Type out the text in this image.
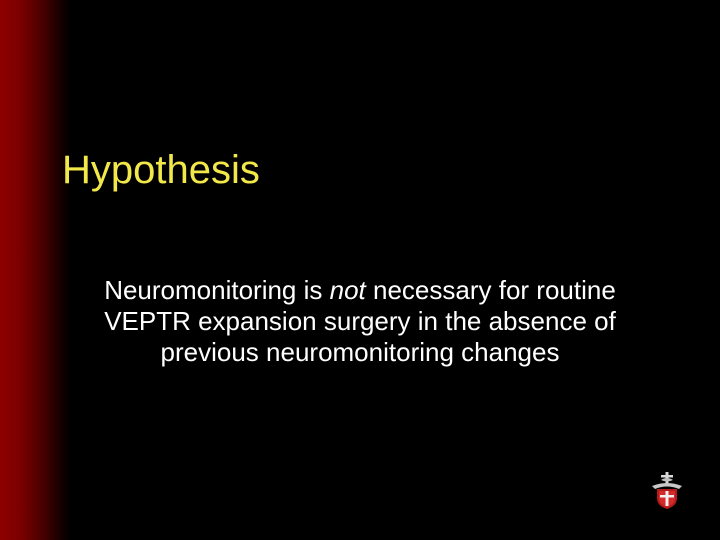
Hypothesis

Neuromonitoring is not necessary for routine VEPTR expansion surgery in the absence of previous neuromonitoring changes
